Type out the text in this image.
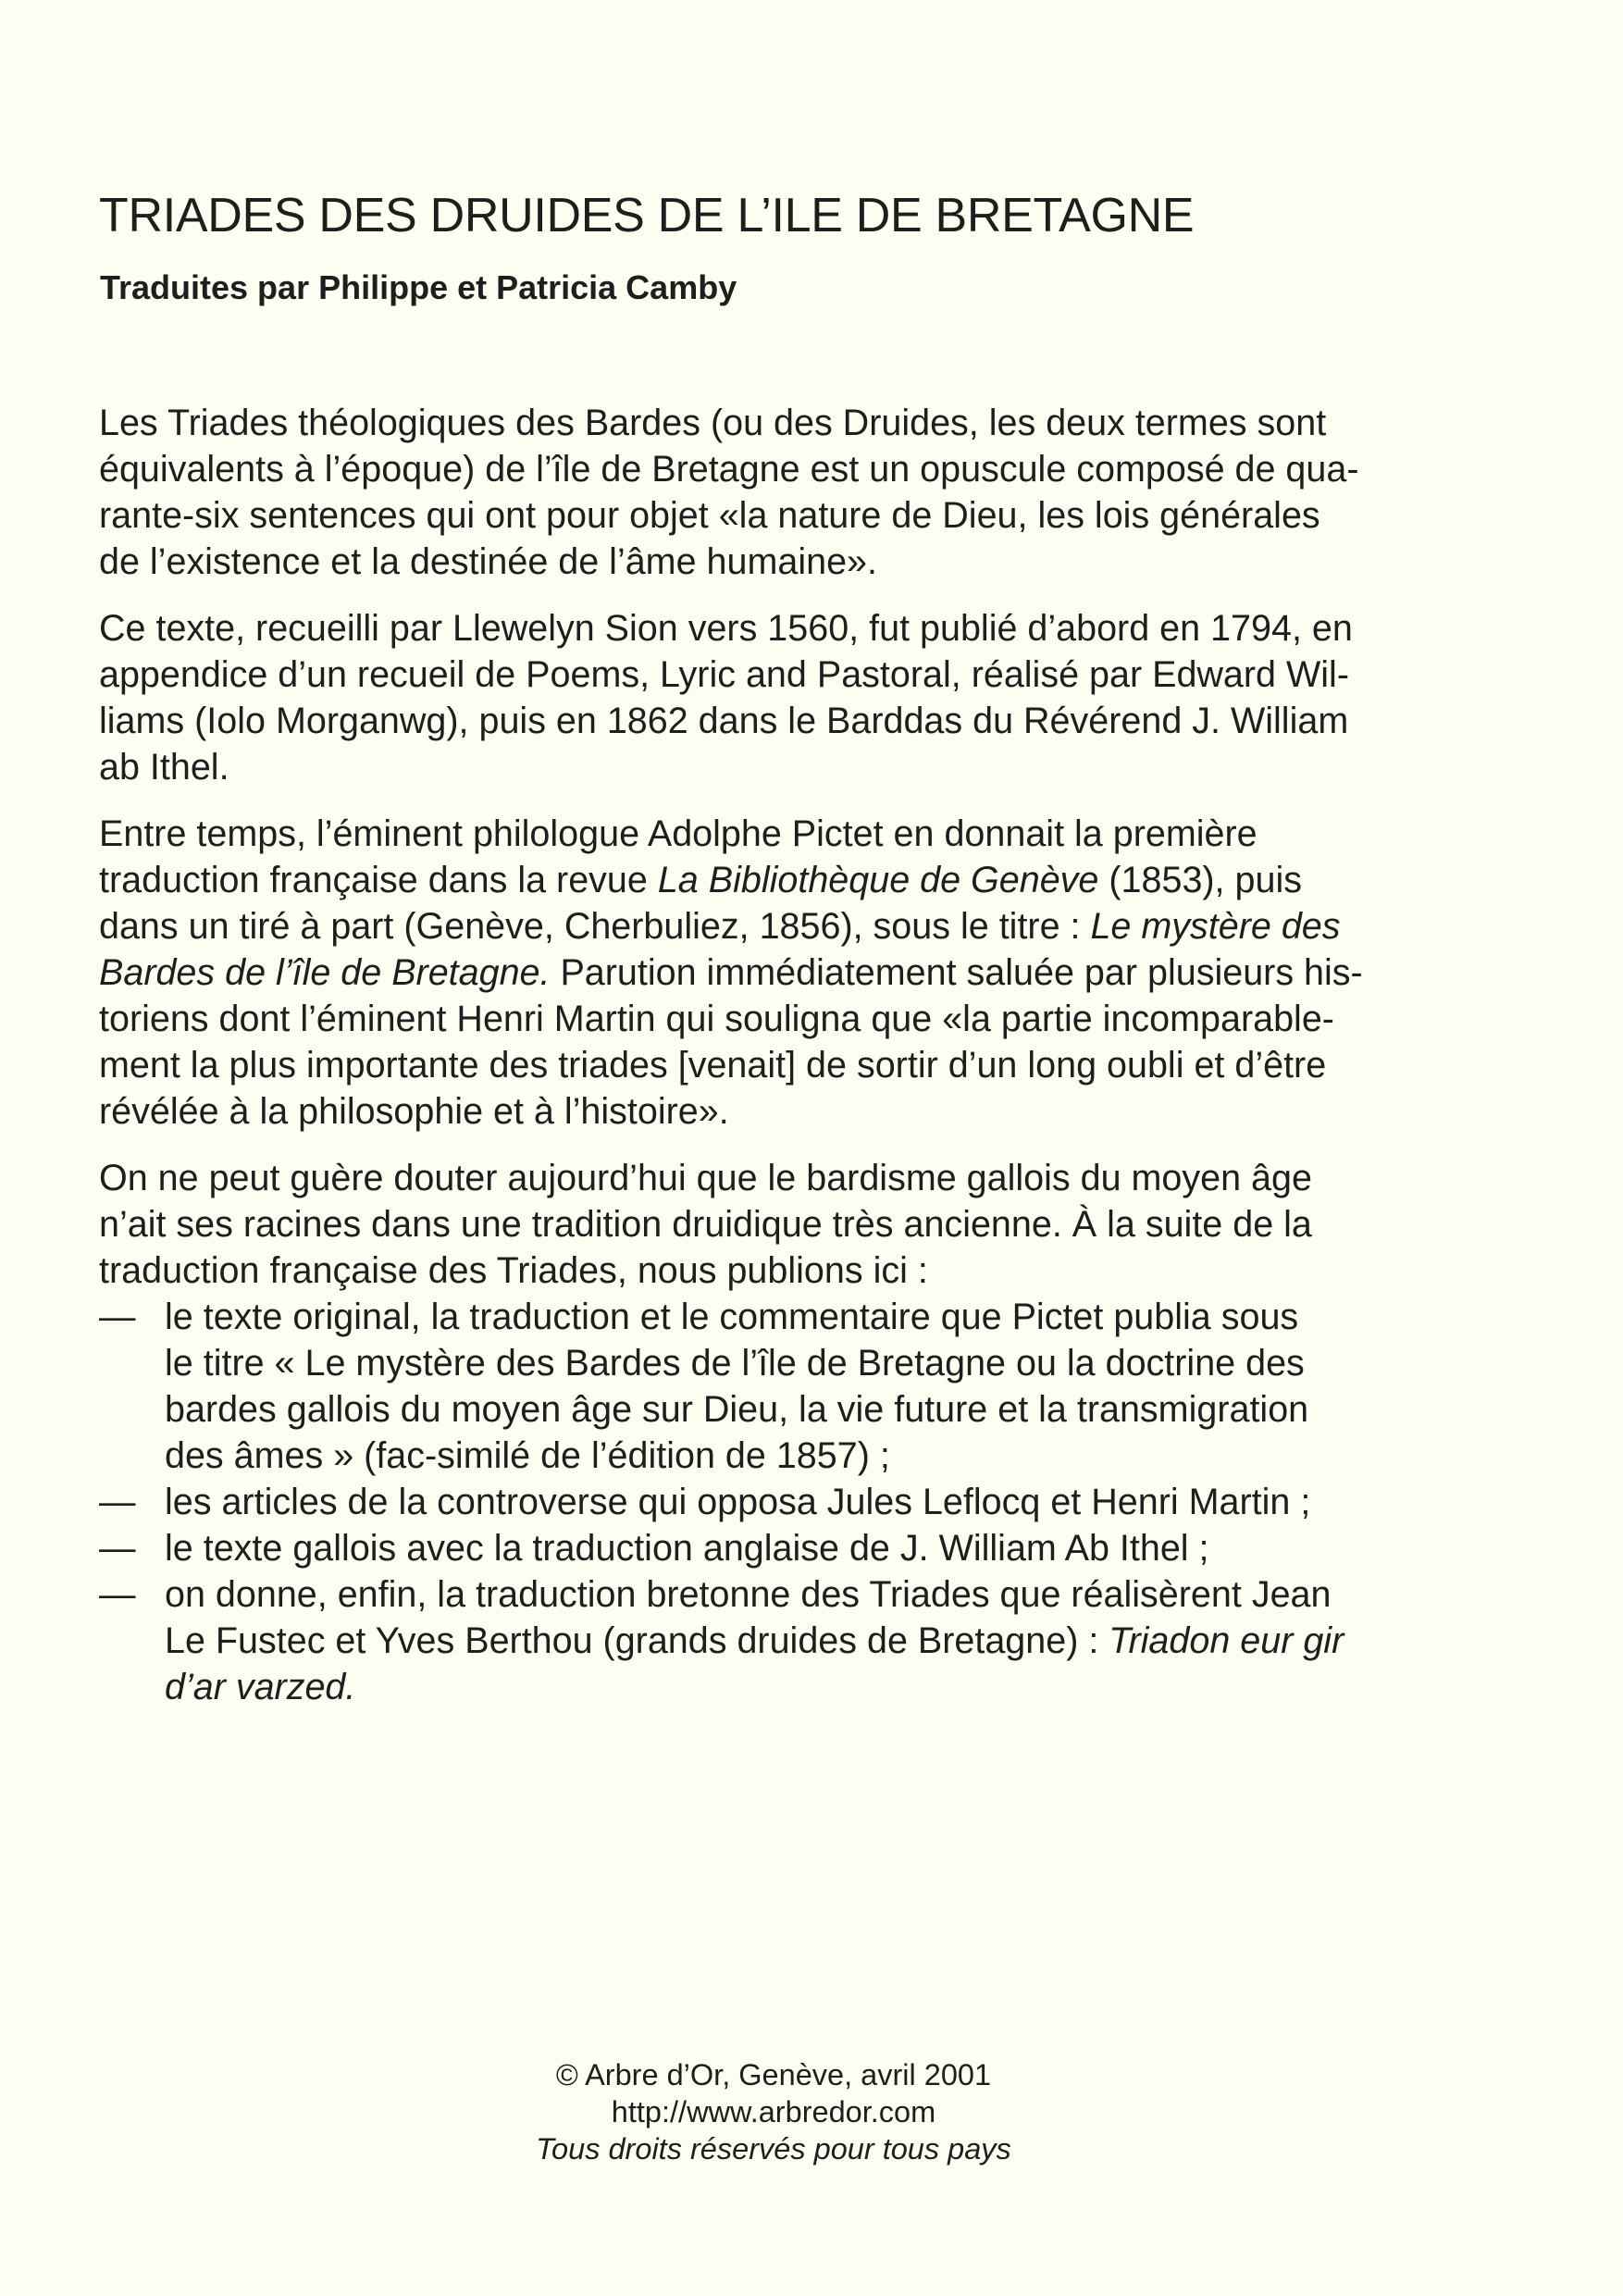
TRIADES DES DRUIDES DE L’ILE DE BRETAGNE
Traduites par Philippe et Patricia Camby

Les Triades théologiques des Bardes (ou des Druides, les deux termes sont
équivalents à l’époque) de l’île de Bretagne est un opuscule composé de qua-
rante-six sentences qui ont pour objet «la nature de Dieu, les lois générales
de l’existence et la destinée de l’âme humaine».

Ce texte, recueilli par Llewelyn Sion vers 1560, fut publié d’abord en 1794, en
appendice d’un recueil de Poems, Lyric and Pastoral, réalisé par Edward Wil-
liams (Iolo Morganwg), puis en 1862 dans le Barddas du Révérend J. William
ab Ithel.

Entre temps, l’éminent philologue Adolphe Pictet en donnait la première
traduction française dans la revue La Bibliothèque de Genève (1853), puis
dans un tiré à part (Genève, Cherbuliez, 1856), sous le titre : Le mystère des
Bardes de l’île de Bretagne. Parution immédiatement saluée par plusieurs his-
toriens dont l’éminent Henri Martin qui souligna que «la partie incomparable-
ment la plus importante des triades [venait] de sortir d’un long oubli et d’être
révélée à la philosophie et à l’histoire».

On ne peut guère douter aujourd’hui que le bardisme gallois du moyen âge
n’ait ses racines dans une tradition druidique très ancienne. À la suite de la
traduction française des Triades, nous publions ici :

— le texte original, la traduction et le commentaire que Pictet publia sous
le titre « Le mystère des Bardes de l’île de Bretagne ou la doctrine des
bardes gallois du moyen âge sur Dieu, la vie future et la transmigration
des âmes » (fac-similé de l’édition de 1857) ;
— les articles de la controverse qui opposa Jules Leflocq et Henri Martin ;
— le texte gallois avec la traduction anglaise de J. William Ab Ithel ;
— on donne, enfin, la traduction bretonne des Triades que réalisèrent Jean
Le Fustec et Yves Berthou (grands druides de Bretagne) : Triadon eur gir
d’ar varzed.
© Arbre d’Or, Genève, avril 2001
http://www.arbredor.com
Tous droits réservés pour tous pays
